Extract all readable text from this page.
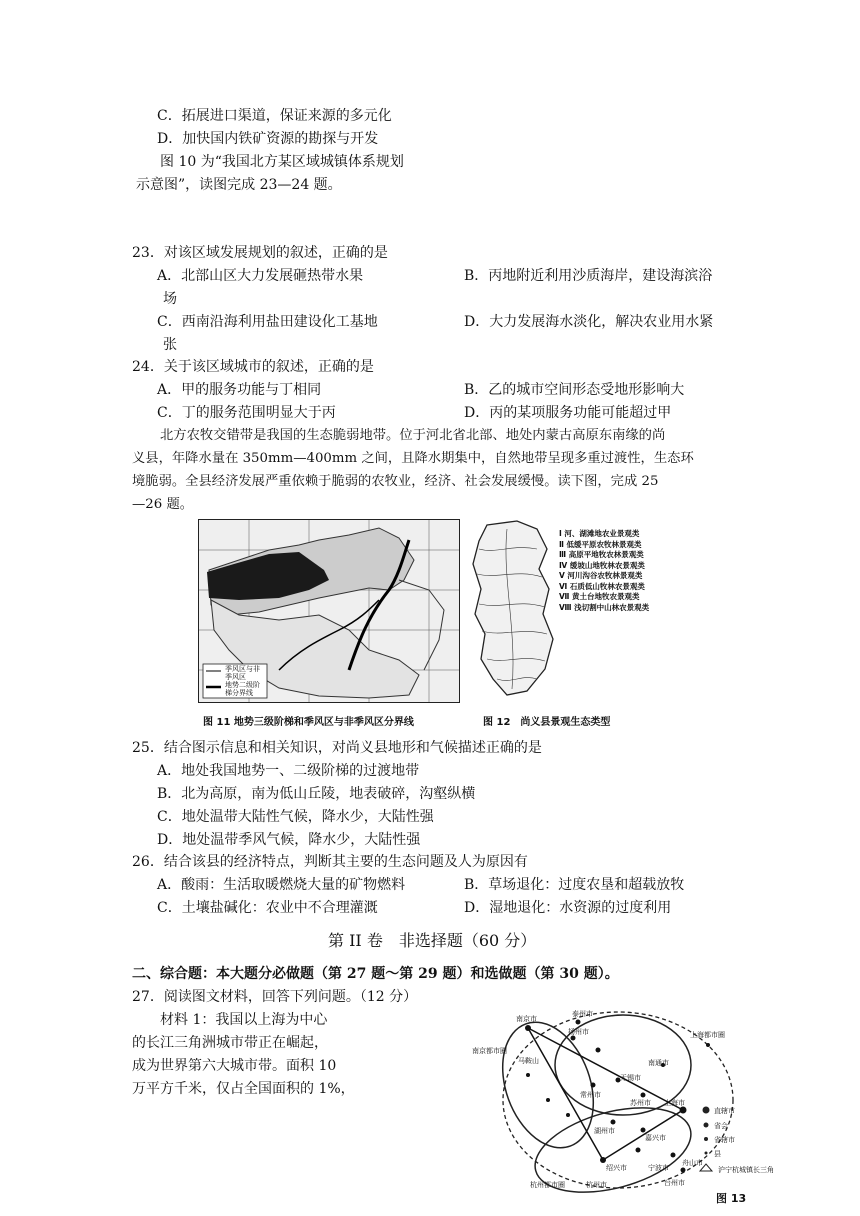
C．拓展进口渠道，保证来源的多元化
D．加快国内铁矿资源的勘探与开发
图 10 为“我国北方某区域城镇体系规划
示意图”，读图完成 23—24 题。
23．对该区域发展规划的叙述，正确的是
A．北部山区大力发展砸热带水果	B．丙地附近利用沙质海岸，建设海滨浴
场
C．西南沿海利用盐田建设化工基地	D．大力发展海水淡化，解决农业用水紧
张
24．关于该区域城市的叙述，正确的是
A．甲的服务功能与丁相同	B．乙的城市空间形态受地形影响大
C．丁的服务范围明显大于丙	D．丙的某项服务功能可能超过甲
北方农牧交错带是我国的生态脆弱地带。位于河北省北部、地处内蒙古高原东南缘的尚
义县，年降水量在 350mm—400mm 之间，且降水期集中，自然地带呈现多重过渡性，生态环
境脆弱。全县经济发展严重依赖于脆弱的农牧业，经济、社会发展缓慢。读下图，完成 25
—26 题。
季风区与非季风区
地势二级阶梯分界线
图 11 地势三级阶梯和季风区与非季风区分界线
Ⅰ 河、湖滩地农业景观类
Ⅱ 低缓平原农牧林景观类
Ⅲ 高原平地牧农林景观类
Ⅳ 缓坡山地牧林农景观类
Ⅴ 河川沟谷农牧林景观类
Ⅵ 石质低山牧林农景观类
Ⅶ 黄土台地牧农景观类
Ⅷ 浅切割中山林农景观类
图 12　尚义县景观生态类型
25．结合图示信息和相关知识，对尚义县地形和气候描述正确的是
A．地处我国地势一、二级阶梯的过渡地带
B．北为高原，南为低山丘陵，地表破碎，沟壑纵横
C．地处温带大陆性气候，降水少，大陆性强
D．地处温带季风气候，降水少，大陆性强
26．结合该县的经济特点，判断其主要的生态问题及人为原因有
A．酸雨：生活取暖燃烧大量的矿物燃料	B．草场退化：过度农垦和超载放牧
C．土壤盐碱化：农业中不合理灌溉	D．湿地退化：水资源的过度利用
第 II 卷　非选择题（60 分）
二、综合题：本大题分必做题（第 27 题～第 29 题）和选做题（第 30 题）。
27．阅读图文材料，回答下列问题。（12 分）
材料 1：我国以上海为中心
的长江三角洲城市带正在崛起，
成为世界第六大城市带。面积 10
万平方千米，仅占全国面积的 1%，
南京市
泰州市
扬州市
南京都市圈
马鞍山
上海都市圈
南通市
无锡市
常州市
苏州市 上海市
湖州市
嘉兴市
绍兴市	宁波市
杭州都市圈	杭州市
舟山市
台州市
直辖市
省会
省辖市
县
沪宁杭城镇长三角
图 13
